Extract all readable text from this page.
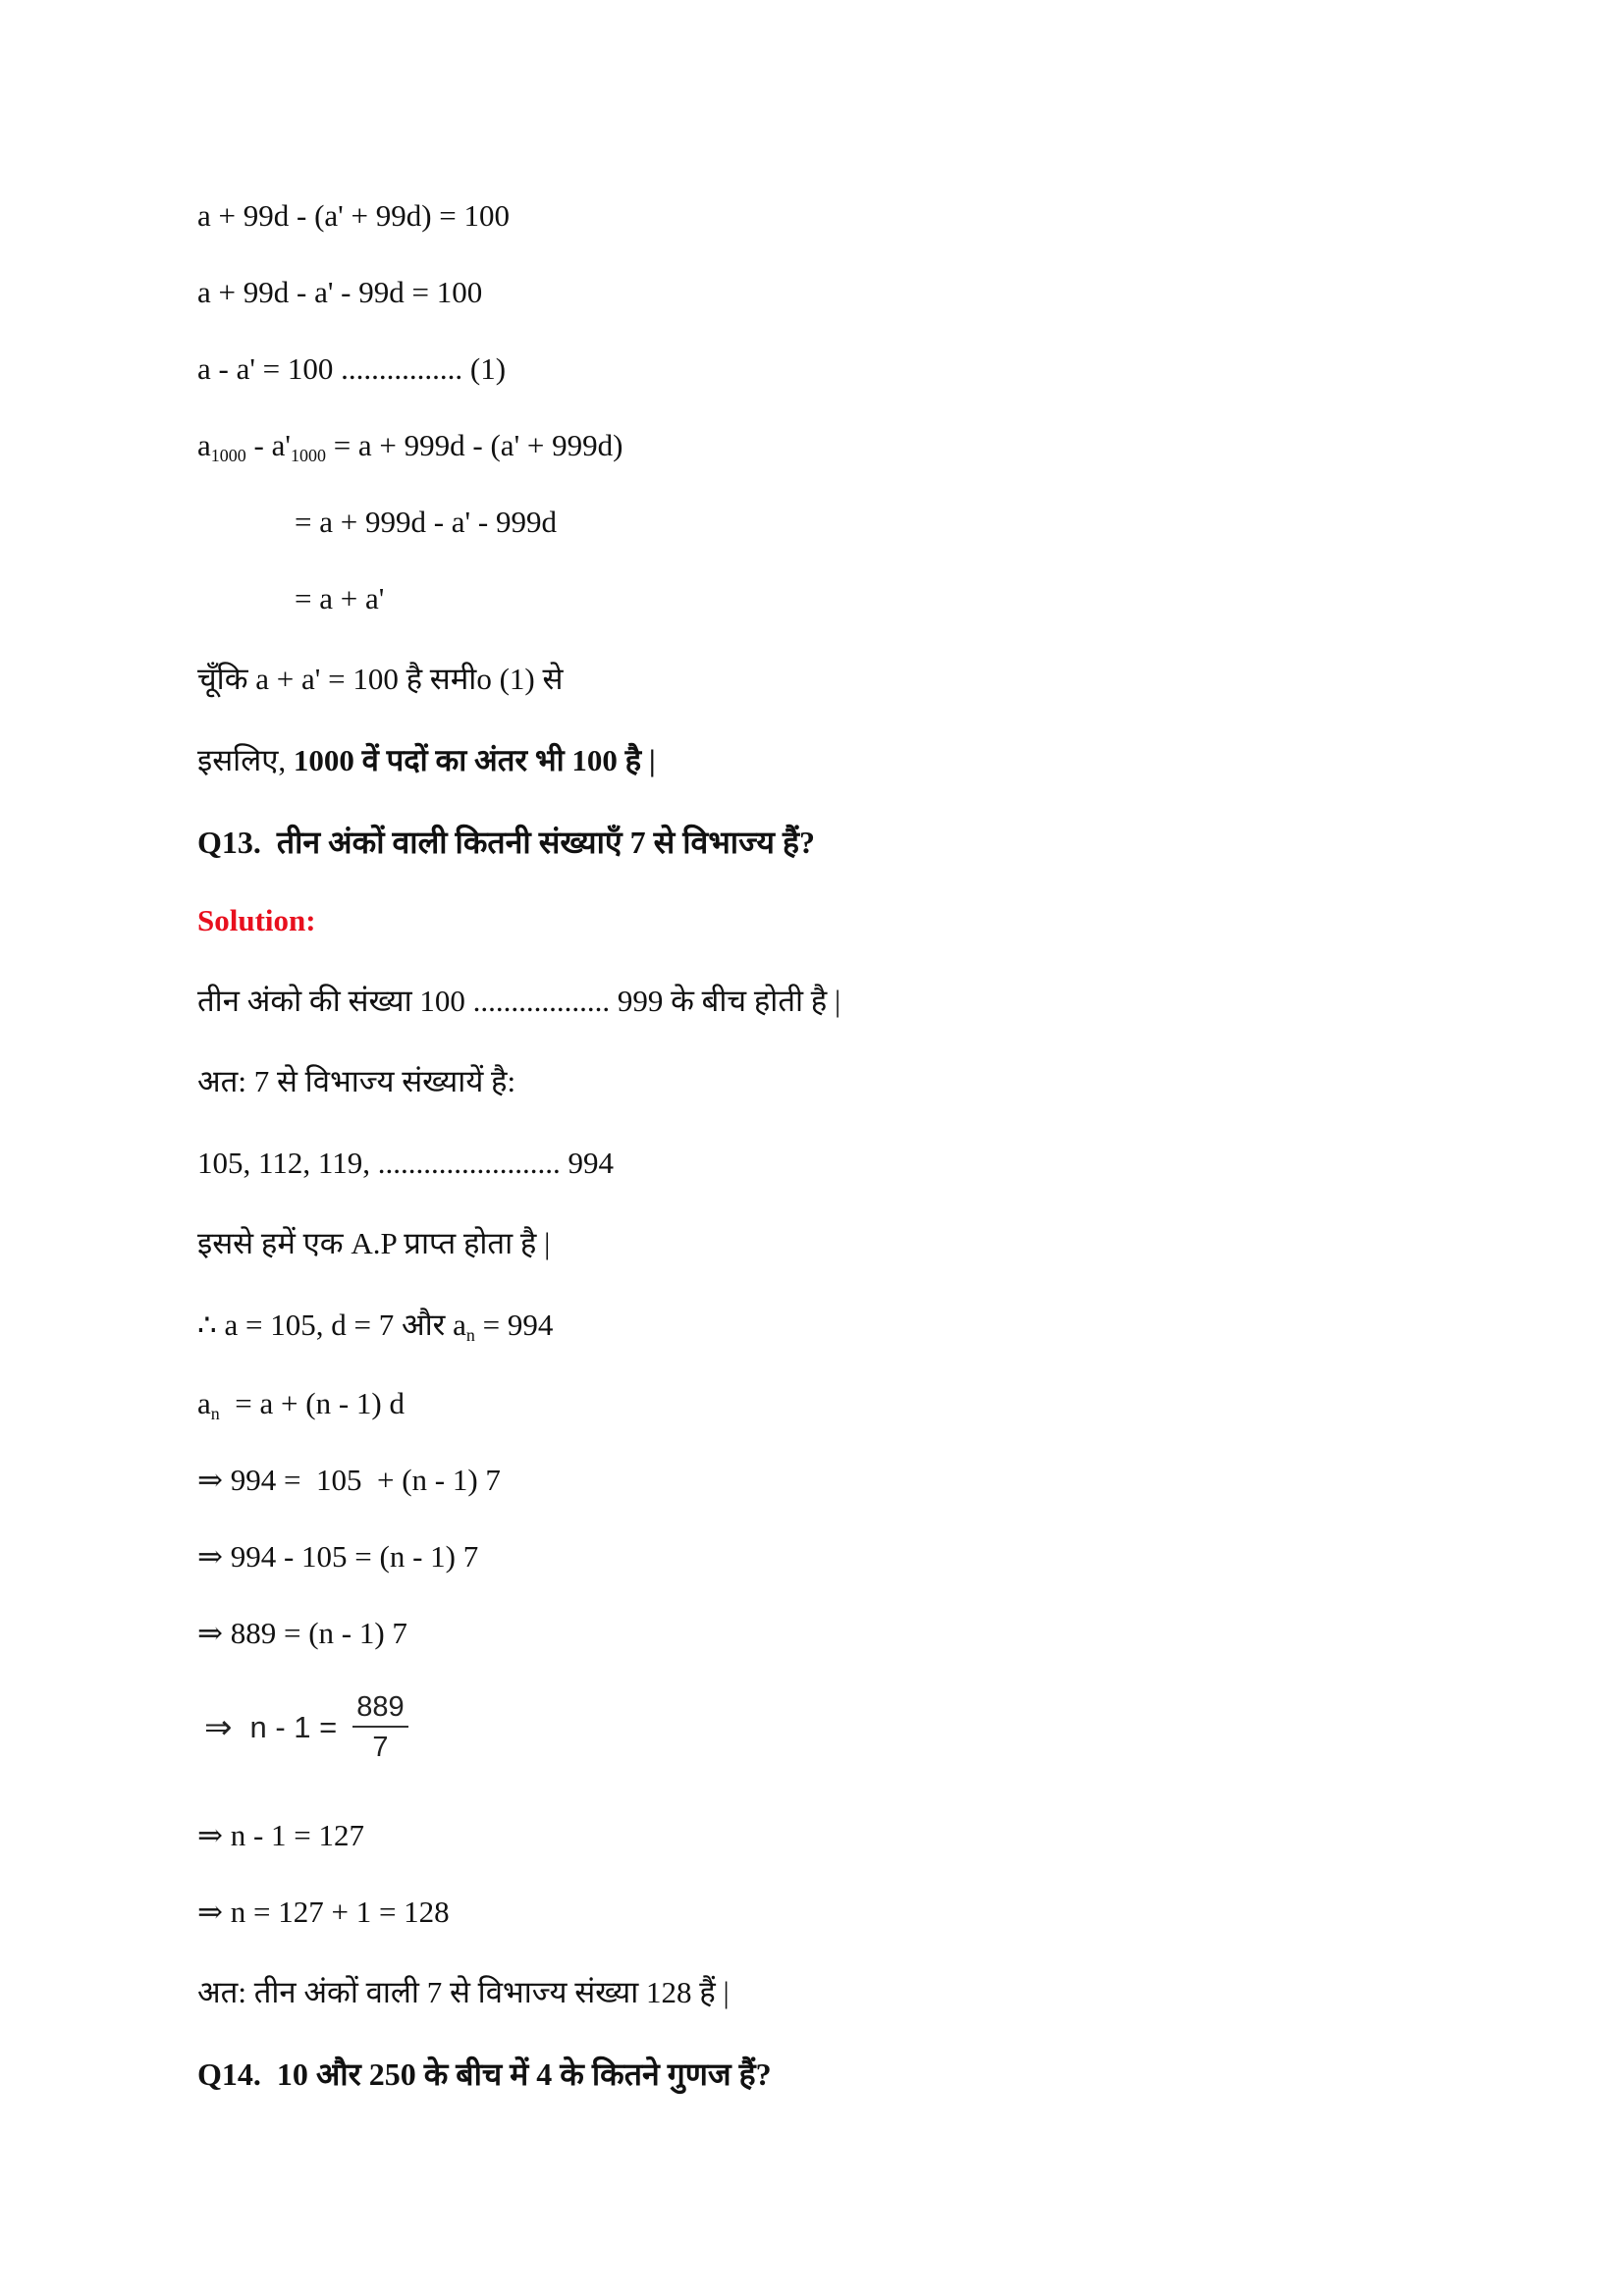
a + 99d - (a' + 99d) = 100
a + 99d - a' - 99d = 100
a - a' = 100 ................ (1)
$a_{1000} - a'_{1000} = a + 999d - (a' + 999d)$
= a + 999d - a' - 999d
= a + a'
चूँकि a + a' = 100 है समीo (1) से
इसलिए, 1000 वें पदों का अंतर भी 100 है |
Q13. तीन अंकों वाली कितनी संख्याएँ 7 से विभाज्य हैं?
Solution:
तीन अंको की संख्या 100 .................. 999 के बीच होती है |
अत: 7 से विभाज्य संख्यायें है:
105, 112, 119, ........................ 994
इससे हमें एक A.P प्राप्त होता है |
∴ a = 105, d = 7 और $a_n = 994$
$a_n = a + (n - 1)$ d
⇒ 994 =  105  + (n - 1) 7
⇒ 994 - 105 = (n - 1) 7
⇒ 889 = (n - 1) 7
⇒ $n - 1 = \frac{889}{7}$
⇒ n - 1 = 127
⇒ n = 127 + 1 = 128
अत: तीन अंकों वाली 7 से विभाज्य संख्या 128 हैं |
Q14. 10 और 250 के बीच में 4 के कितने गुणज हैं?
